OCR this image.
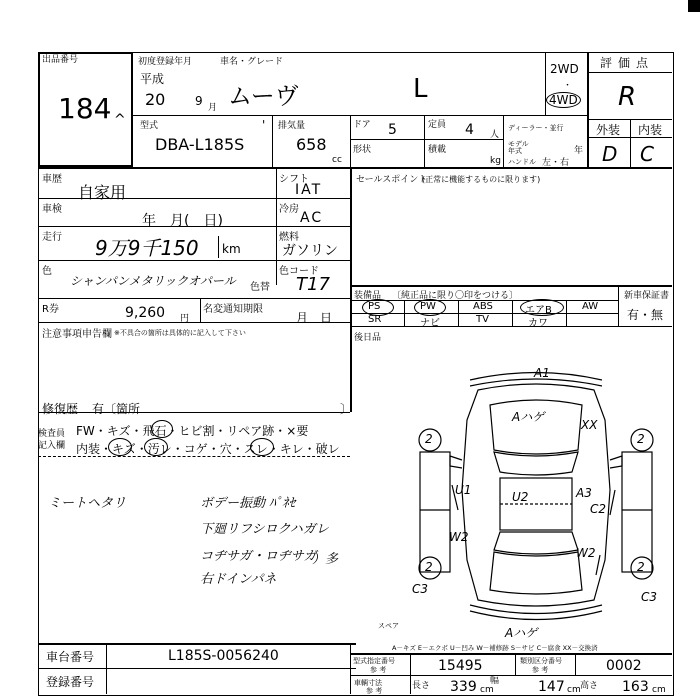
出品番号
184 ^
初度登録年月	車名・グレード
平成
20 9 月 ムーヴ	L
2WD
・
4WD
評価点
R
外装 内装
D C
型式
DBA-L185S
' 排気量
658
cc
ドア 5	定員 4 人
形状	積載
kg
ディーラー・並行
モデル
年式	年
ハンドル 左・右
車歴
自家用
車検
年　月(　日)
走行 9万9千150 km
色
シャンパンメタリックオパール 色替
シフト
IAT
冷房
AC
燃料
ガソリン
色コード
T17
R券	9,260 円
名変通知期限
月　日
注意事項申告欄 ※不具合の箇所は具体的に記入して下さい
修復歴 有〔箇所	〕
検査員
記入欄
FW・キズ・飛石・ヒビ割・リペア跡・×要
内装・キズ・汚レ・コゲ・穴・スレ・キレ・破レ
セールスポイント
(正常に機能するものに限ります)
装備品 〔純正品に限り〇印をつける〕
PS	PW	ABS	エアB	AW
SR	ナビ	TV	カワ
新車保証書
有・無
後日品
ミートヘタリ	ボデー振動 ﾊﾟﾈｾ
下廻リフシロクハガレ
コヂサガ・ロヂサガ
右ドインパネ
）多
A1
Aハゲ
XX
U1	U2
W2
A3
C2
W2
C3
C3
2	2
2	2
Aハゲ
スペア
A－キズ E－エクボ U－凹み W－補修跡 S－サビ C－腐食 XX－交換済
車台番号	L185S-0056240
登録番号
型式指定番号
参 考	15495	類別区分番号
参 考	0002
車輌寸法
参 考	長さ 339 cm
幅	147 cm 高さ 163 cm
